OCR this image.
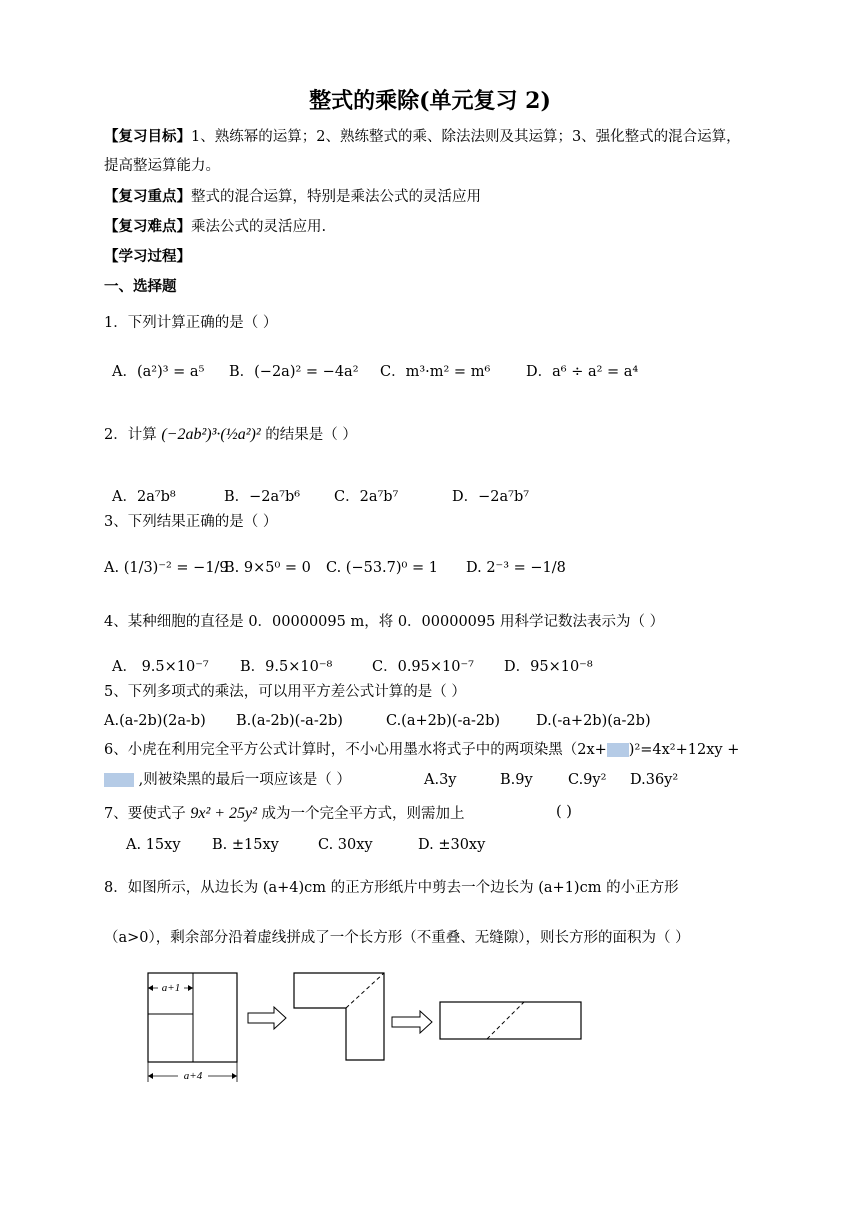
整式的乘除(单元复习 2)
【复习目标】1、熟练幂的运算；2、熟练整式的乘、除法法则及其运算；3、强化整式的混合运算，
提高整运算能力。
【复习重点】整式的混合运算，特别是乘法公式的灵活应用
【复习难点】乘法公式的灵活应用.
【学习过程】
一、选择题
1．下列计算正确的是（ ）
A．(a²)³ = a⁵ B．(−2a)² = −4a² C．m³·m² = m⁶ D．a⁶ ÷ a² = a⁴
2．计算 (−2ab²)³·(½a²)² 的结果是（ ）
A．2a⁷b⁸	B．−2a⁷b⁶ C．2a⁷b⁷	D．−2a⁷b⁷
3、下列结果正确的是（ ）
A. (1/3)⁻² = −1/9
B. 9×5⁰ = 0 C. (−53.7)⁰ = 1 D. 2⁻³ = −1/8
4、某种细胞的直径是 0．00000095 m，将 0．00000095 用科学记数法表示为（ ）
A． 9.5×10⁻⁷ B．9.5×10⁻⁸	C．0.95×10⁻⁷ D．95×10⁻⁸
5、下列多项式的乘法，可以用平方差公式计算的是（ ）
A.(a-2b)(2a-b) B.(a-2b)(-a-2b)	C.(a+2b)(-a-2b) D.(-a+2b)(a-2b)
6、小虎在利用完全平方公式计算时，不小心用墨水将式子中的两项染黑（2x+ )²=4x²+12xy +
,则被染黑的最后一项应该是（ ）	A.3y	B.9y C.9y² D.36y²
7、要使式子 9x² + 25y² 成为一个完全平方式，则需加上	( )
A. 15xy B. ±15xy	C. 30xy	D. ±30xy
8．如图所示，从边长为 (a+4)cm 的正方形纸片中剪去一个边长为 (a+1)cm 的小正方形
（a>0），剩余部分沿着虚线拼成了一个长方形（不重叠、无缝隙），则长方形的面积为（ ）
a+1
a+4
